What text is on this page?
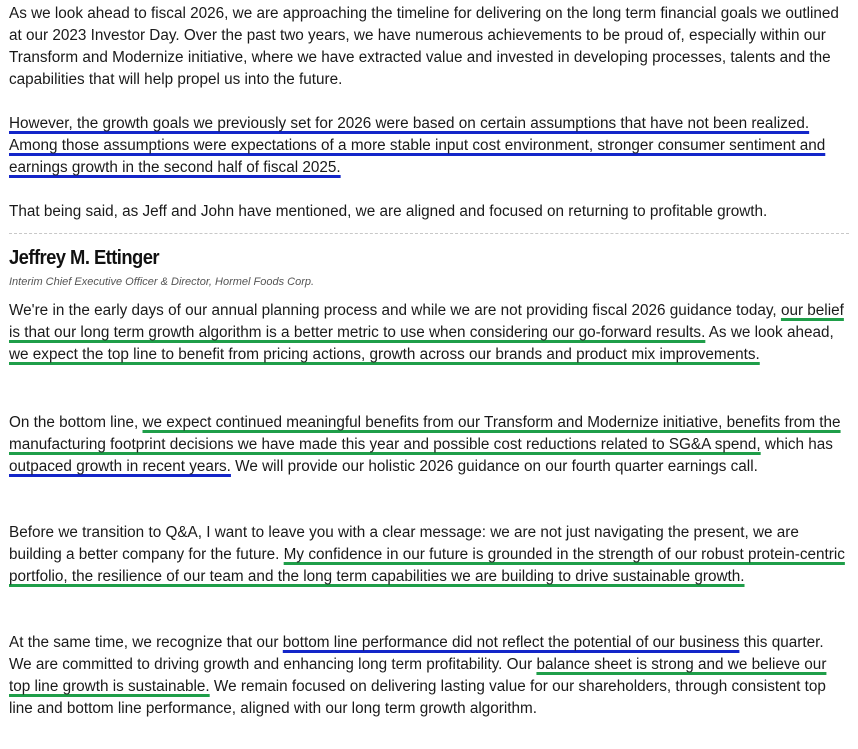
As we look ahead to fiscal 2026, we are approaching the timeline for delivering on the long term financial goals we outlined at our 2023 Investor Day. Over the past two years, we have numerous achievements to be proud of, especially within our Transform and Modernize initiative, where we have extracted value and invested in developing processes, talents and the capabilities that will help propel us into the future.

However, the growth goals we previously set for 2026 were based on certain assumptions that have not been realized. Among those assumptions were expectations of a more stable input cost environment, stronger consumer sentiment and earnings growth in the second half of fiscal 2025.

That being said, as Jeff and John have mentioned, we are aligned and focused on returning to profitable growth.

Jeffrey M. Ettinger
Interim Chief Executive Officer & Director, Hormel Foods Corp.

We're in the early days of our annual planning process and while we are not providing fiscal 2026 guidance today, our belief is that our long term growth algorithm is a better metric to use when considering our go-forward results. As we look ahead, we expect the top line to benefit from pricing actions, growth across our brands and product mix improvements.

On the bottom line, we expect continued meaningful benefits from our Transform and Modernize initiative, benefits from the manufacturing footprint decisions we have made this year and possible cost reductions related to SG&A spend, which has outpaced growth in recent years. We will provide our holistic 2026 guidance on our fourth quarter earnings call.

Before we transition to Q&A, I want to leave you with a clear message: we are not just navigating the present, we are building a better company for the future. My confidence in our future is grounded in the strength of our robust protein-centric portfolio, the resilience of our team and the long term capabilities we are building to drive sustainable growth.

At the same time, we recognize that our bottom line performance did not reflect the potential of our business this quarter. We are committed to driving growth and enhancing long term profitability. Our balance sheet is strong and we believe our top line growth is sustainable. We remain focused on delivering lasting value for our shareholders, through consistent top line and bottom line performance, aligned with our long term growth algorithm.
